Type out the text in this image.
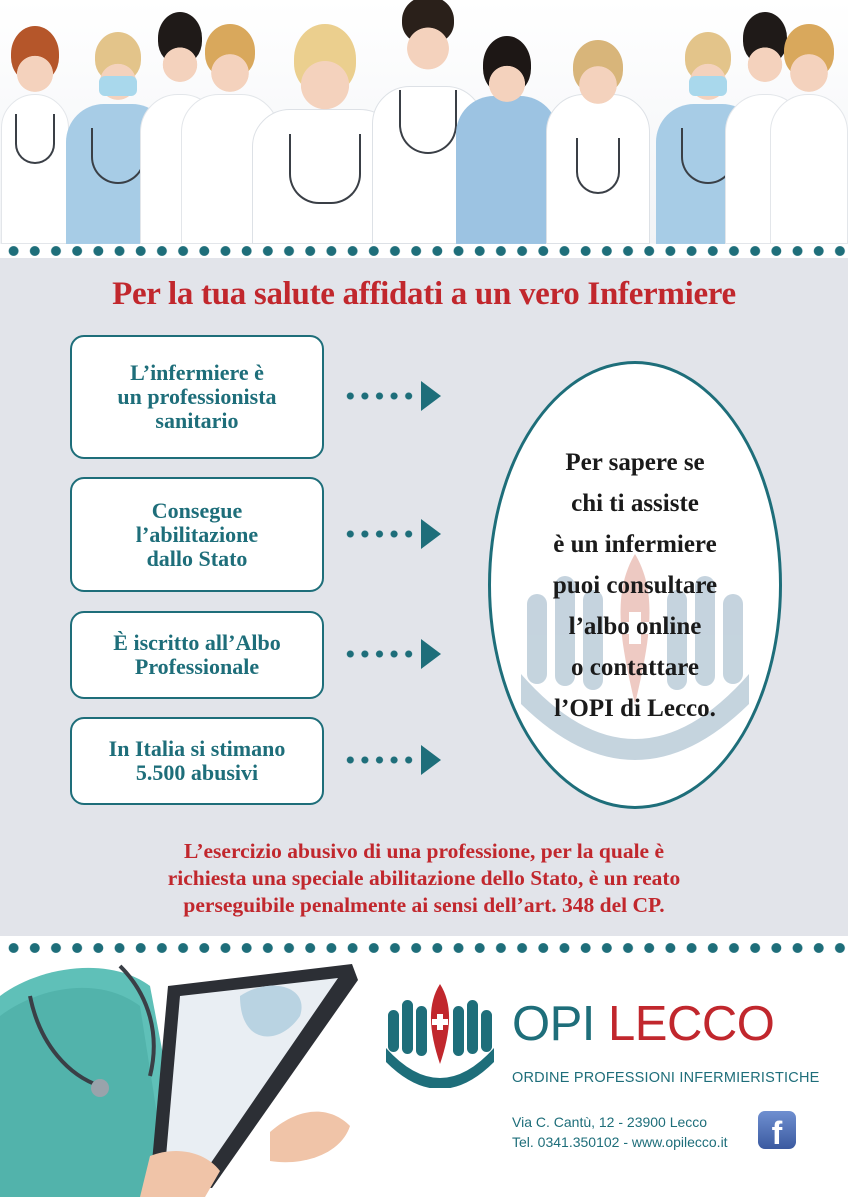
Per la tua salute affidati a un vero Infermiere
L’infermiere è
un professionista
sanitario
Consegue
l’abilitazione
dallo Stato
È iscritto all’Albo
Professionale
In Italia si stimano
5.500 abusivi
Per sapere se
chi ti assiste
è un infermiere
puoi consultare
l’albo online
o contattare
l’OPI di Lecco.

L’esercizio abusivo di una professione, per la quale è
richiesta una speciale abilitazione dello Stato, è un reato
perseguibile penalmente ai sensi dell’art. 348 del CP.

OPI LECCO
ORDINE PROFESSIONI INFERMIERISTICHE
Via C. Cantù, 12 - 23900 Lecco
Tel. 0341.350102 - www.opilecco.it	f
